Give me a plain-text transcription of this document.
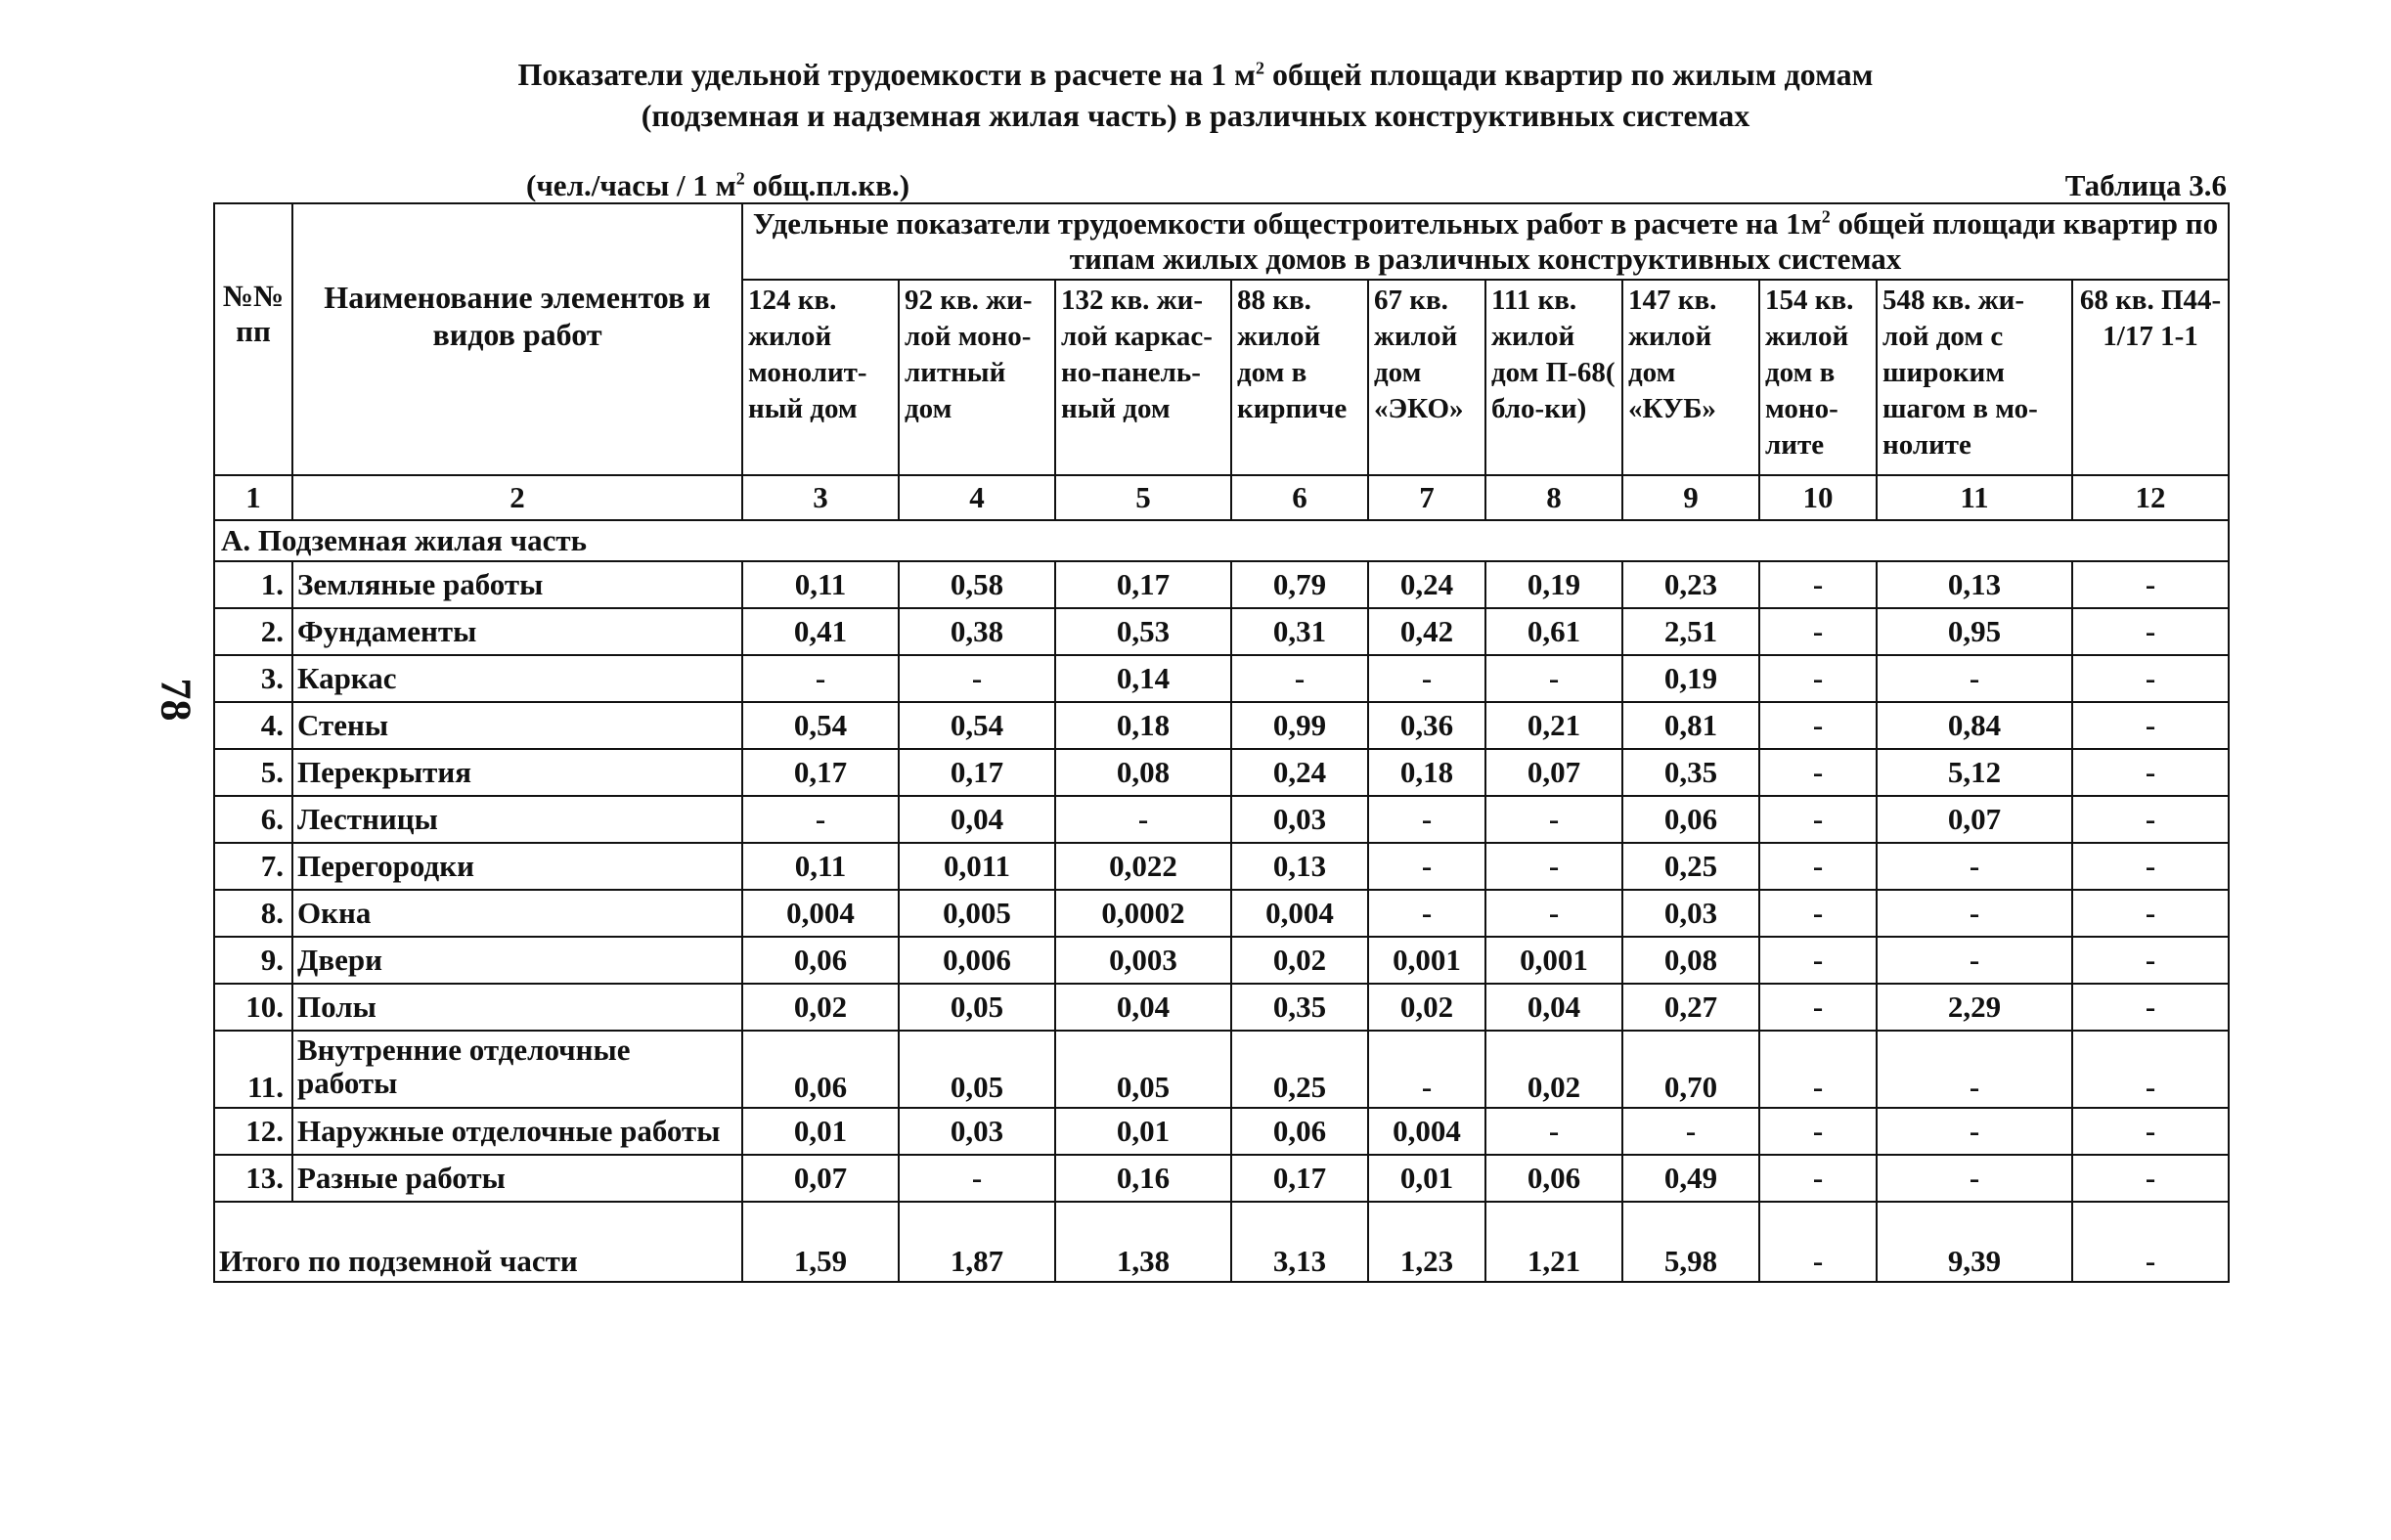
Показатели удельной трудоемкости в расчете на 1 $м^2$ общей площади квартир по жилым домам
(подземная и надземная жилая часть) в различных конструктивных системах
(чел./часы / 1 $м^2$ общ.пл.кв.)	Таблица 3.6
78
№№ пп	Наименование элементов и видов работ	Удельные показатели трудоемкости общестроительных работ в расчете на $1м^2$ общей площади квартир по типам жилых домов в различных конструктивных системах									
		124 кв. жилой монолит-ный дом	92 кв. жи-лой моно-литный дом	132 кв. жи-лой каркас-но-панель-ный дом	88 кв. жилой дом в кирпиче	67 кв. жилой дом «ЭКО»	111 кв. жилой дом П-68( бло-ки)	147 кв. жилой дом «КУБ»	154 кв. жилой дом в моно-лите	548 кв. жи-лой дом с широким шагом в мо-нолите	68 кв. П44-1/17 1-1
1	2	3	4	5	6	7	8	9	10	11	12
А. Подземная жилая часть											
1.	Земляные работы	0,11	0,58	0,17	0,79	0,24	0,19	0,23	-	0,13	-
2.	Фундаменты	0,41	0,38	0,53	0,31	0,42	0,61	2,51	-	0,95	-
3.	Каркас	-	-	0,14	-	-	-	0,19	-	-	-
4.	Стены	0,54	0,54	0,18	0,99	0,36	0,21	0,81	-	0,84	-
5.	Перекрытия	0,17	0,17	0,08	0,24	0,18	0,07	0,35	-	5,12	-
6.	Лестницы	-	0,04	-	0,03	-	-	0,06	-	0,07	-
7.	Перегородки	0,11	0,011	0,022	0,13	-	-	0,25	-	-	-
8.	Окна	0,004	0,005	0,0002	0,004	-	-	0,03	-	-	-
9.	Двери	0,06	0,006	0,003	0,02	0,001	0,001	0,08	-	-	-
10.	Полы	0,02	0,05	0,04	0,35	0,02	0,04	0,27	-	2,29	-
11.	Внутренние отделочные работы	0,06	0,05	0,05	0,25	-	0,02	0,70	-	-	-
12.	Наружные отделочные работы	0,01	0,03	0,01	0,06	0,004	-	-	-	-	-
13.	Разные работы	0,07	-	0,16	0,17	0,01	0,06	0,49	-	-	-
Итого по подземной части		1,59	1,87	1,38	3,13	1,23	1,21	5,98	-	9,39	-
